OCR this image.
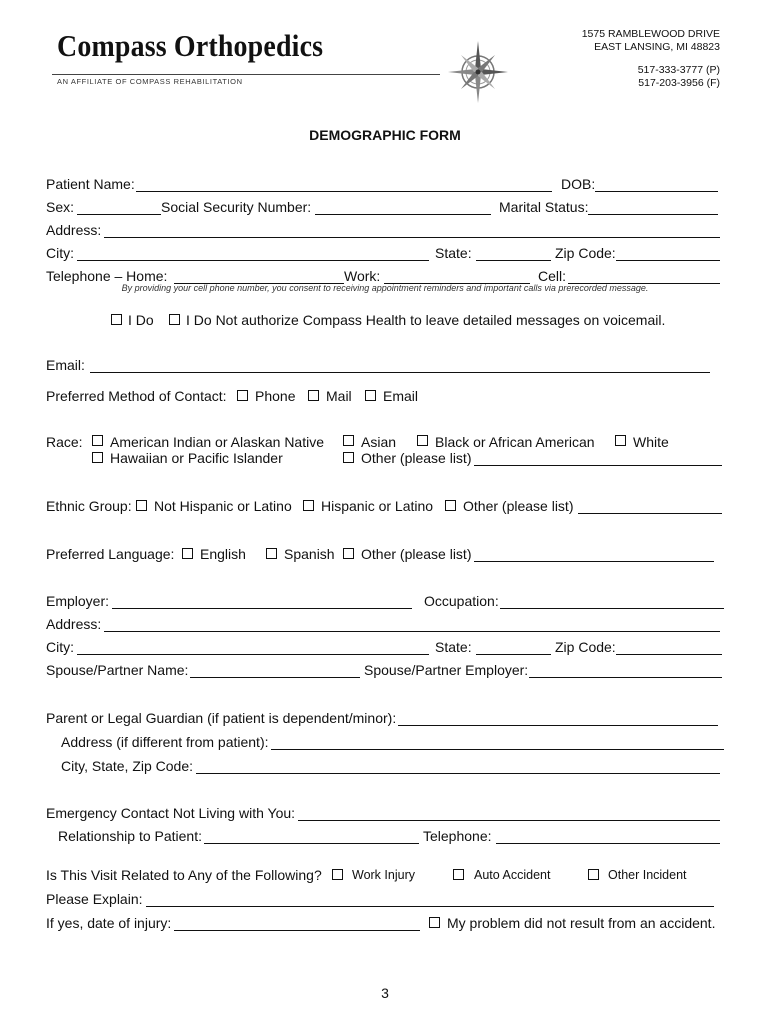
Compass Orthopedics
AN AFFILIATE OF COMPASS REHABILITATION
1575 RAMBLEWOOD DRIVE
EAST LANSING, MI 48823
517-333-3777 (P)
517-203-3956 (F)
DEMOGRAPHIC FORM
Patient Name:	DOB:
Sex:	Social Security Number:	Marital Status:
Address:
City:	State:	Zip Code:
Telephone – Home:	Work:	Cell:
By providing your cell phone number, you consent to receiving appointment reminders and important calls via prerecorded message.
I Do I Do Not authorize Compass Health to leave detailed messages on voicemail.
Email:
Preferred Method of Contact: Phone Mail Email
Race: American Indian or Alaskan Native	Asian	Black or African American	White
Hawaiian or Pacific Islander	Other (please list)
Ethnic Group: Not Hispanic or Latino Hispanic or Latino Other (please list)
Preferred Language: English	Spanish Other (please list)
Employer:	Occupation:
Address:
City:	State:	Zip Code:
Spouse/Partner Name:	Spouse/Partner Employer:
Parent or Legal Guardian (if patient is dependent/minor):
Address (if different from patient):
City, State, Zip Code:
Emergency Contact Not Living with You:
Relationship to Patient:	Telephone:
Is This Visit Related to Any of the Following? Work Injury	Auto Accident	Other Incident
Please Explain:
If yes, date of injury:	My problem did not result from an accident.
3
